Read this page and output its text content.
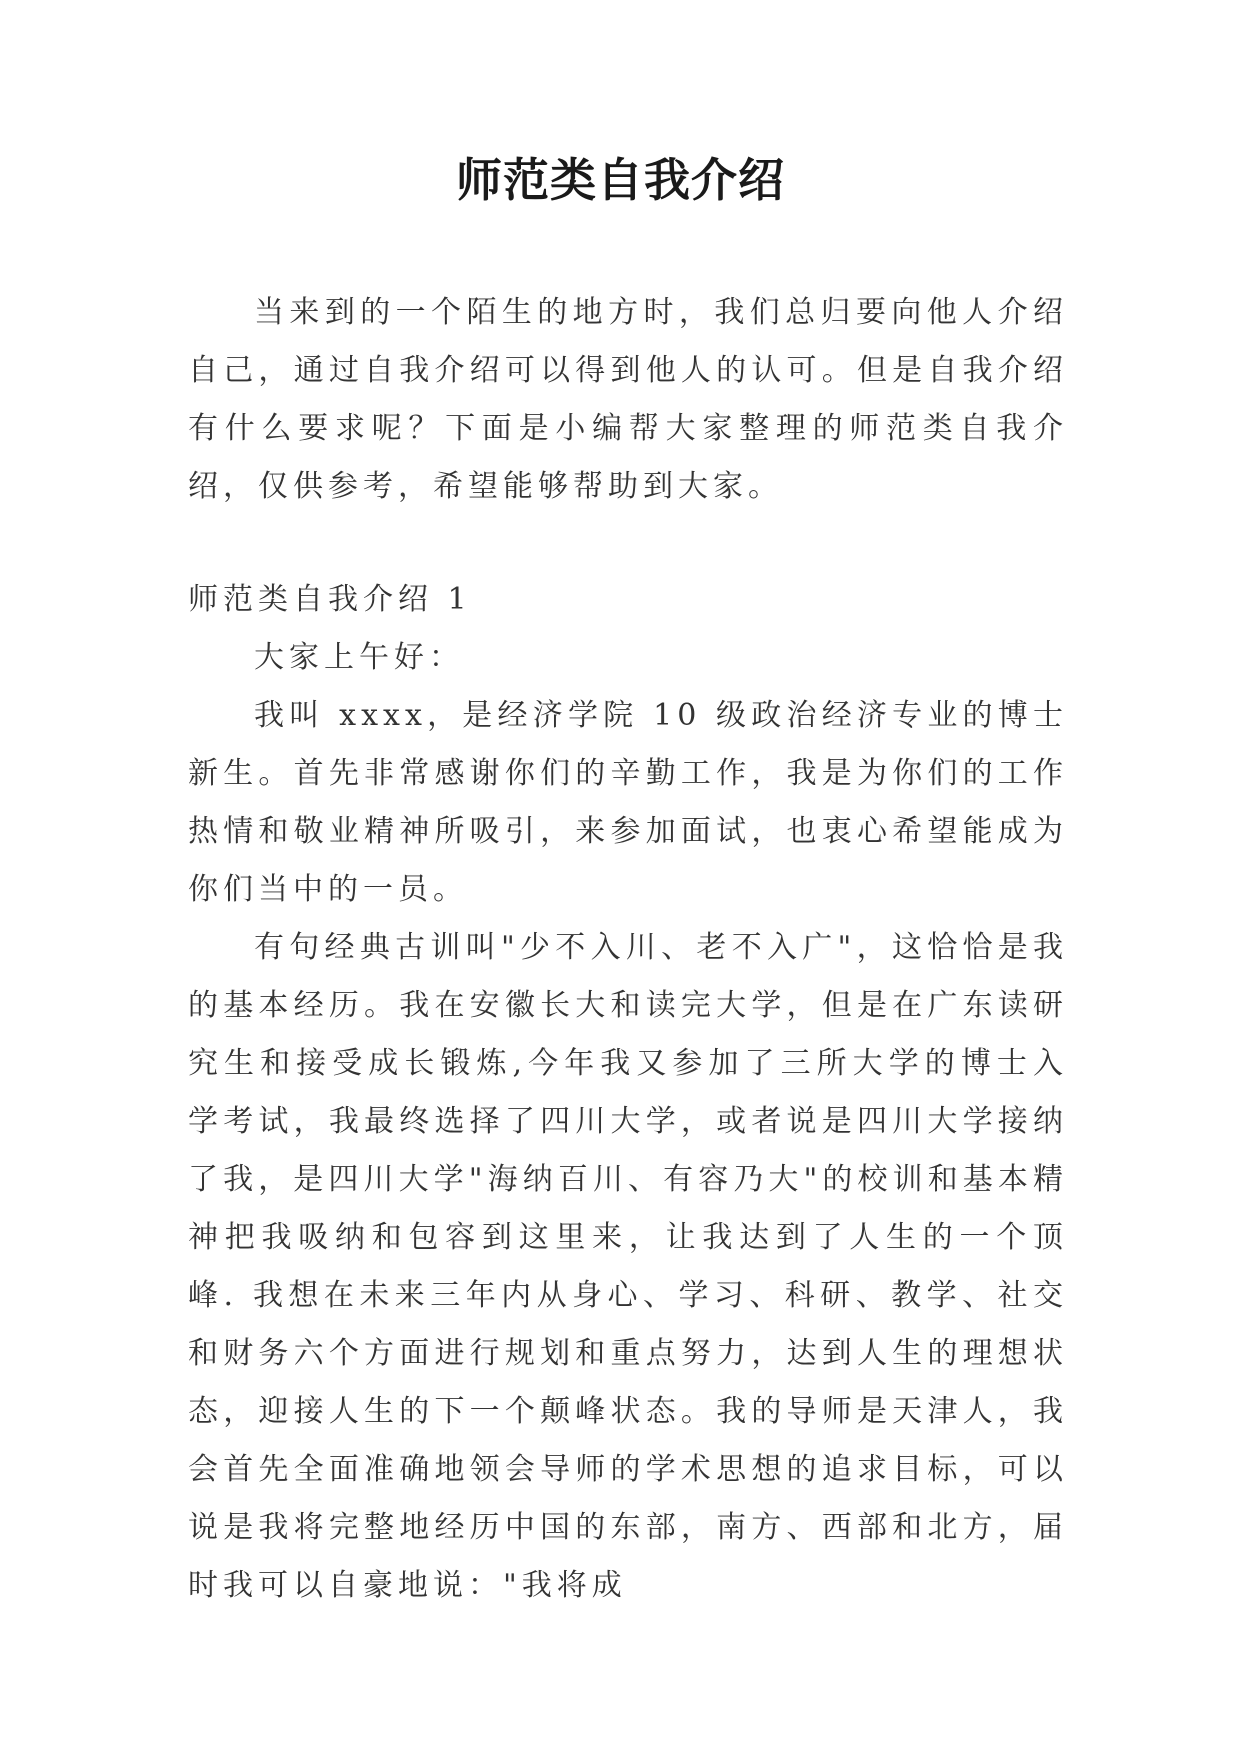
师范类自我介绍

当来到的一个陌生的地方时，我们总归要向他人介绍自己，通过自我介绍可以得到他人的认可。但是自我介绍有什么要求呢？下面是小编帮大家整理的师范类自我介绍，仅供参考，希望能够帮助到大家。

师范类自我介绍 1

大家上午好：

我叫 xxxx，是经济学院 10 级政治经济专业的博士新生。首先非常感谢你们的辛勤工作，我是为你们的工作热情和敬业精神所吸引，来参加面试，也衷心希望能成为你们当中的一员。

有句经典古训叫"少不入川、老不入广"，这恰恰是我的基本经历。我在安徽长大和读完大学，但是在广东读研究生和接受成长锻炼,今年我又参加了三所大学的博士入学考试，我最终选择了四川大学，或者说是四川大学接纳了我，是四川大学"海纳百川、有容乃大"的校训和基本精神把我吸纳和包容到这里来，让我达到了人生的一个顶峰. 我想在未来三年内从身心、学习、科研、教学、社交和财务六个方面进行规划和重点努力，达到人生的理想状态，迎接人生的下一个颠峰状态。我的导师是天津人，我会首先全面准确地领会导师的学术思想的追求目标，可以说是我将完整地经历中国的东部，南方、西部和北方，届时我可以自豪地说："我将成
